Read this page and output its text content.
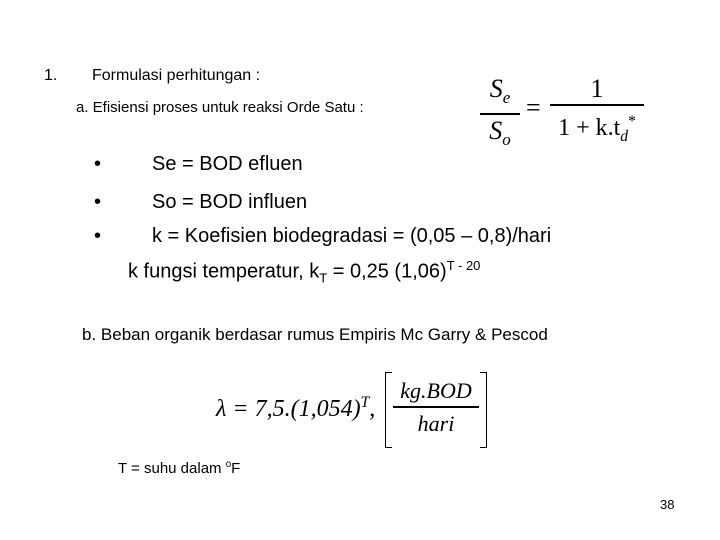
1. Formulasi perhitungan :
a. Efisiensi proses untuk reaksi Orde Satu :
$S_e$
$S_o$
=
1
$1 + k.t_d^*$
•	Se = BOD efluen
•	So = BOD influen
•	k = Koefisien biodegradasi = (0,05 – 0,8)/hari
k fungsi temperatur, $k_T = 0,25$ $(1,06)^{T - 20}$
b. Beban organik berdasar rumus Empiris Mc Garry & Pescod
$\lambda = 7,5.(1,054)^T$,
kg.BOD
hari
T = suhu dalam $^o$F
38
